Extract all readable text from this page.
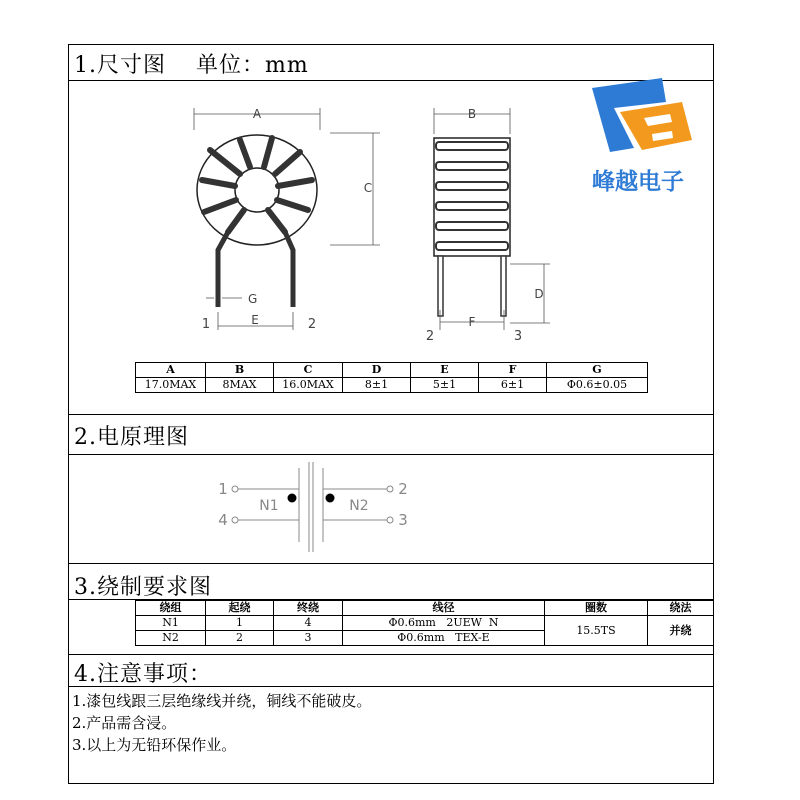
1.尺寸图 单位：mm
A
C
G
E
1	2
B
D
F
2	3
峰越电子
A	B	C	D	E	F	G
17.0MAX	8MAX	16.0MAX	8±1	5±1	6±1	Φ0.6±0.05
2.电原理图
1
4
N1	N2
2
3
3.绕制要求图
绕组	起绕	终绕	线径	圈数	绕法
N1	1	4	Φ0.6mm   2UEW  N	15.5TS	并绕
N2	2	3	Φ0.6mm   TEX-E		
4.注意事项：
1.漆包线跟三层绝缘线并绕，铜线不能破皮。
2.产品需含浸。
3.以上为无铅环保作业。
